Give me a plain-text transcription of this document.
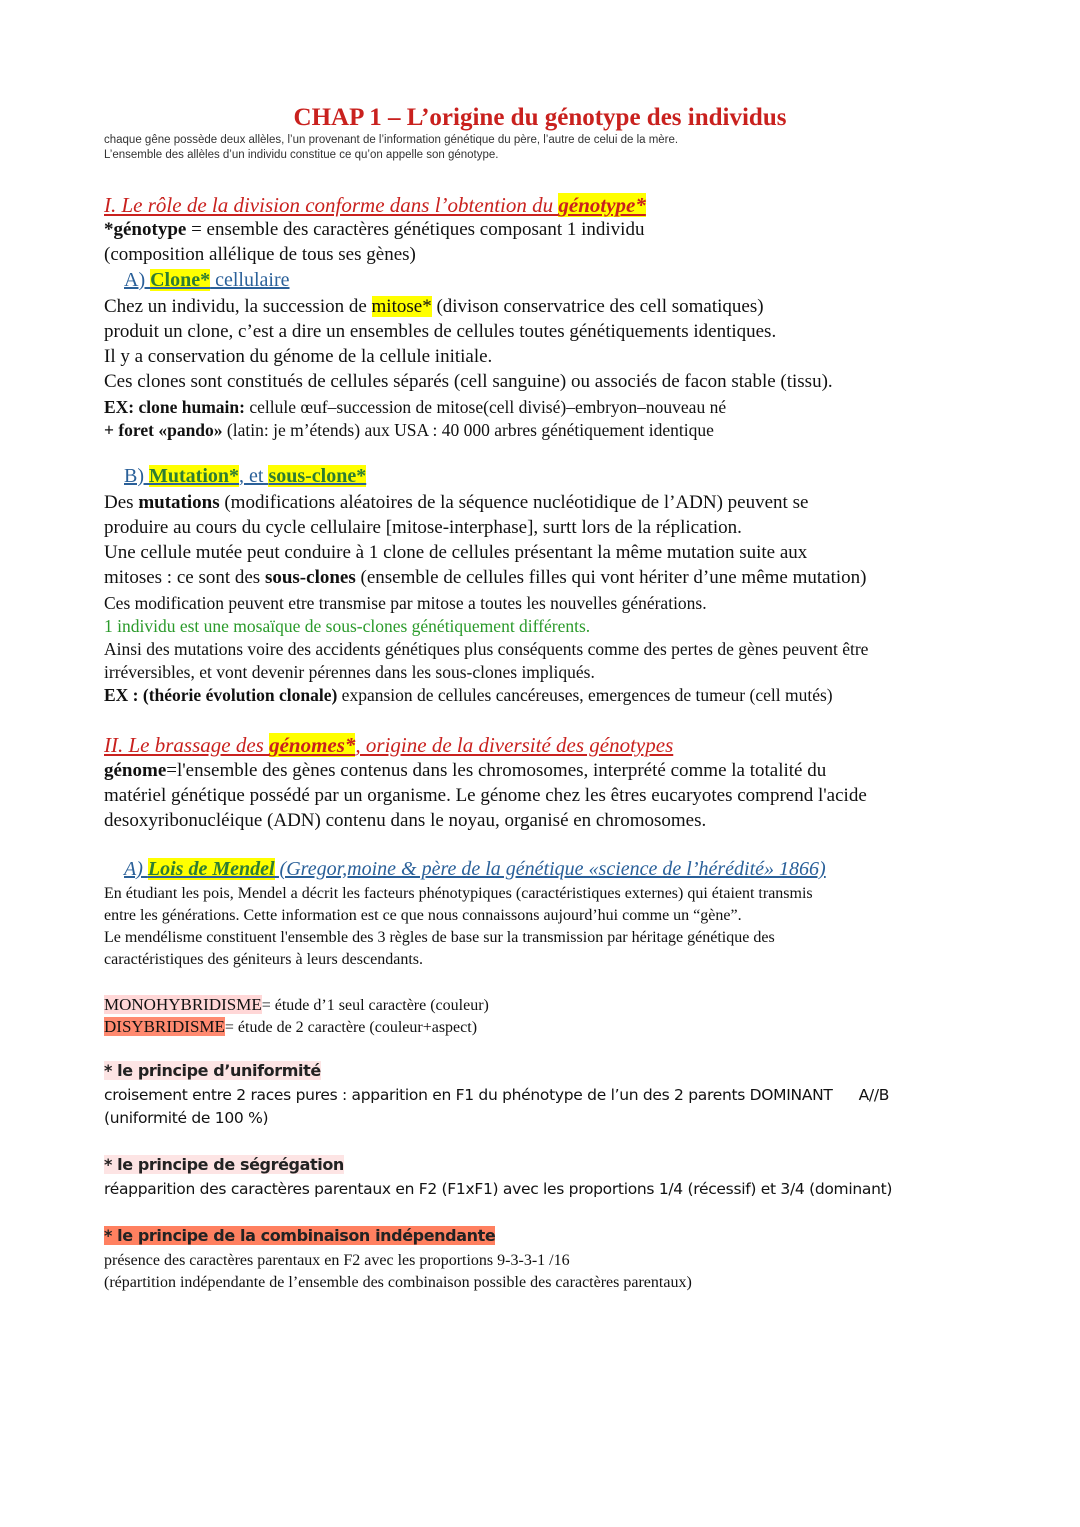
CHAP 1 – L’origine du génotype des individus
chaque gêne possède deux allèles, l’un provenant de l’information génétique du père, l’autre de celui de la mère.
L’ensemble des allèles d’un individu constitue ce qu’on appelle son génotype.
I. Le rôle de la division conforme dans l’obtention du génotype*
*génotype = ensemble des caractères génétiques composant 1 individu
(composition allélique de tous ses gènes)
A) Clone* cellulaire
Chez un individu, la succession de mitose* (divison conservatrice des cell somatiques)
produit un clone, c’est a dire un ensembles de cellules toutes génétiquements identiques.
Il y a conservation du génome de la cellule initiale.
Ces clones sont constitués de cellules séparés (cell sanguine) ou associés de facon stable (tissu).
EX: clone humain: cellule œuf–succession de mitose(cell divisé)–embryon–nouveau né
+ foret «pando» (latin: je m’étends) aux USA : 40 000 arbres génétiquement identique
B) Mutation*, et sous-clone*
Des mutations (modifications aléatoires de la séquence nucléotidique de l’ADN) peuvent se
produire au cours du cycle cellulaire [mitose-interphase], surtt lors de la réplication.
Une cellule mutée peut conduire à 1 clone de cellules présentant la même mutation suite aux
mitoses : ce sont des sous-clones (ensemble de cellules filles qui vont hériter d’une même mutation)
Ces modification peuvent etre transmise par mitose a toutes les nouvelles générations.
1 individu est une mosaïque de sous-clones génétiquement différents.
Ainsi des mutations voire des accidents génétiques plus conséquents comme des pertes de gènes peuvent être
irréversibles, et vont devenir pérennes dans les sous-clones impliqués.
EX : (théorie évolution clonale) expansion de cellules cancéreuses, emergences de tumeur (cell mutés)
II. Le brassage des génomes*, origine de la diversité des génotypes
génome=l'ensemble des gènes contenus dans les chromosomes, interprété comme la totalité du
matériel génétique possédé par un organisme. Le génome chez les êtres eucaryotes comprend l'acide
desoxyribonucléique (ADN) contenu dans le noyau, organisé en chromosomes.
A) Lois de Mendel (Gregor,moine & père de la génétique «science de l’hérédité» 1866)
En étudiant les pois, Mendel a décrit les facteurs phénotypiques (caractéristiques externes) qui étaient transmis
entre les générations. Cette information est ce que nous connaissons aujourd’hui comme un “gène”.
Le mendélisme constituent l'ensemble des 3 règles de base sur la transmission par héritage génétique des
caractéristiques des géniteurs à leurs descendants.
MONOHYBRIDISME= étude d’1 seul caractère (couleur)
DISYBRIDISME= étude de 2 caractère (couleur+aspect)
* le principe d’uniformité
croisement entre 2 races pures : apparition en F1 du phénotype de l’un des 2 parents DOMINANT A//B
(uniformité de 100 %)
* le principe de ségrégation
réapparition des caractères parentaux en F2 (F1xF1) avec les proportions 1/4 (récessif) et 3/4 (dominant)
* le principe de la combinaison indépendante
présence des caractères parentaux en F2 avec les proportions 9-3-3-1 /16
(répartition indépendante de l’ensemble des combinaison possible des caractères parentaux)
